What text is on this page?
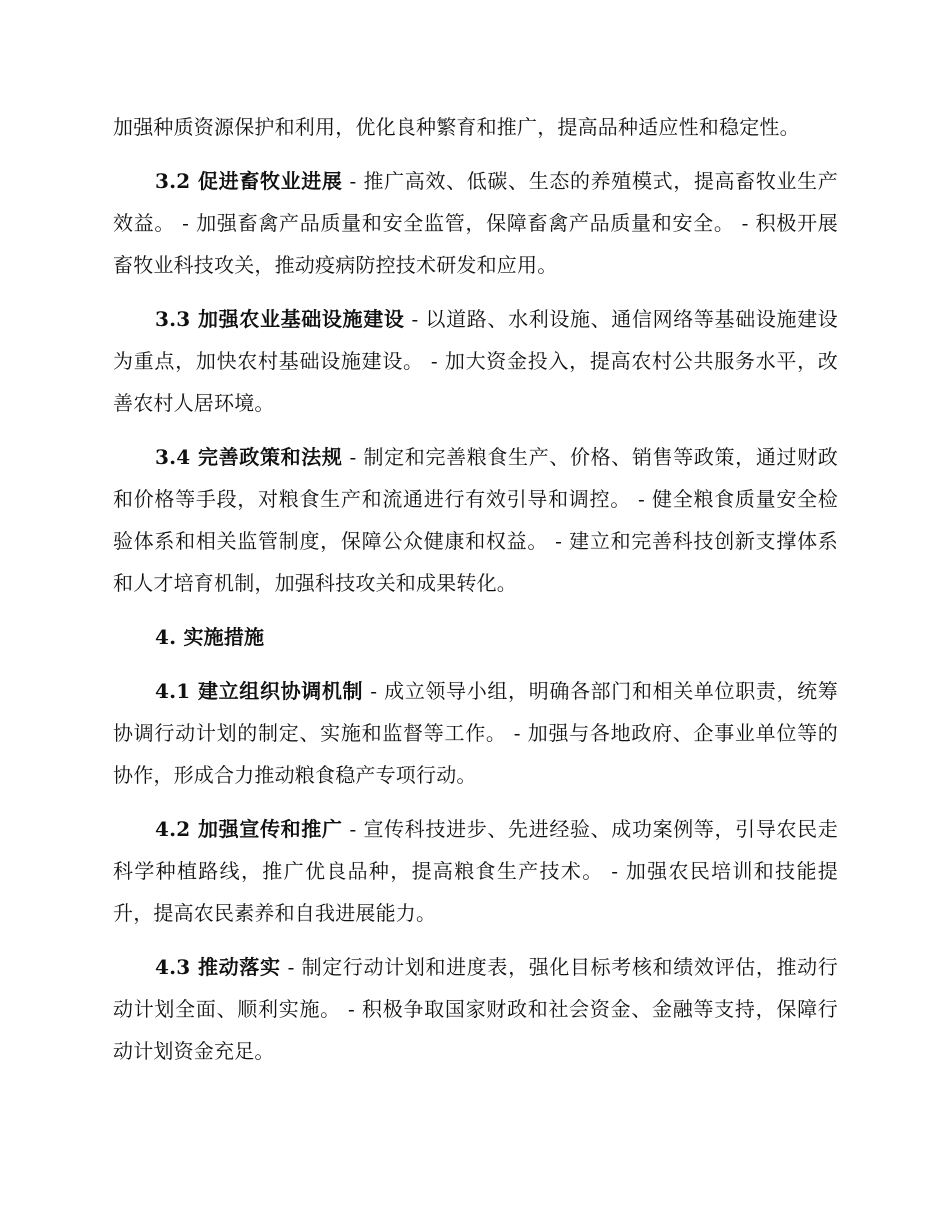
加强种质资源保护和利用，优化良种繁育和推广，提高品种适应性和稳定性。

3.2 促进畜牧业进展 - 推广高效、低碳、生态的养殖模式，提高畜牧业生产效益。 - 加强畜禽产品质量和安全监管，保障畜禽产品质量和安全。 - 积极开展畜牧业科技攻关，推动疫病防控技术研发和应用。

3.3 加强农业基础设施建设 - 以道路、水利设施、通信网络等基础设施建设为重点，加快农村基础设施建设。 - 加大资金投入，提高农村公共服务水平，改善农村人居环境。

3.4 完善政策和法规 - 制定和完善粮食生产、价格、销售等政策，通过财政和价格等手段，对粮食生产和流通进行有效引导和调控。 - 健全粮食质量安全检验体系和相关监管制度，保障公众健康和权益。 - 建立和完善科技创新支撑体系和人才培育机制，加强科技攻关和成果转化。

4. 实施措施

4.1 建立组织协调机制 - 成立领导小组，明确各部门和相关单位职责，统筹协调行动计划的制定、实施和监督等工作。 - 加强与各地政府、企事业单位等的协作，形成合力推动粮食稳产专项行动。

4.2 加强宣传和推广 - 宣传科技进步、先进经验、成功案例等，引导农民走科学种植路线，推广优良品种，提高粮食生产技术。 - 加强农民培训和技能提升，提高农民素养和自我进展能力。

4.3 推动落实 - 制定行动计划和进度表，强化目标考核和绩效评估，推动行动计划全面、顺利实施。 - 积极争取国家财政和社会资金、金融等支持，保障行动计划资金充足。
